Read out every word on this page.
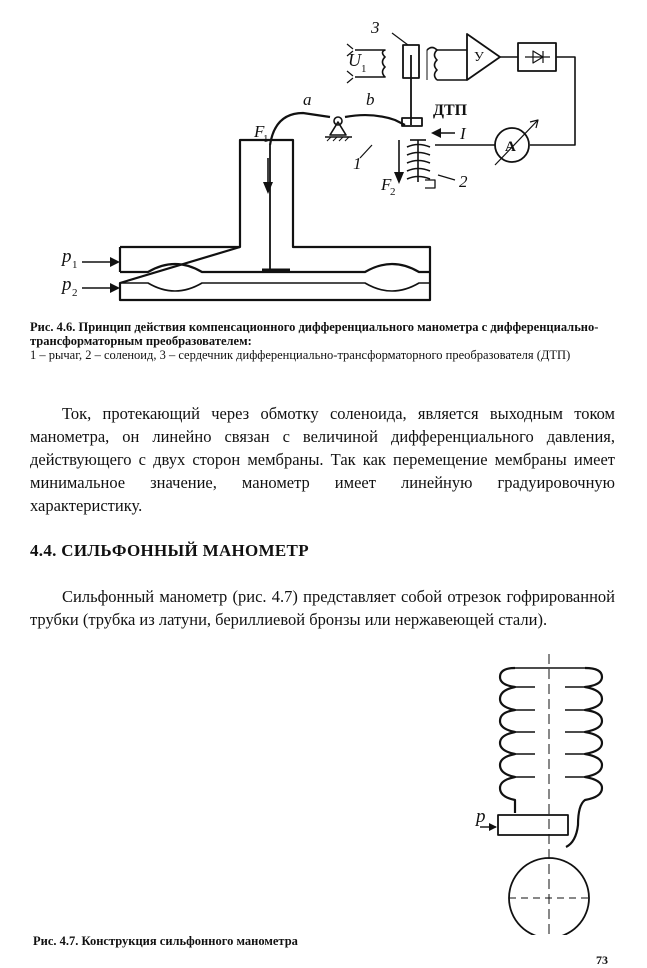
3
U 1
У
a	b
ДТП
F
1	I
A
1
F
2
2
p 1
p 2
Рис. 4.6. Принцип действия компенсационного дифференциального манометра с дифференциально-трансформаторным преобразователем:
1 – рычаг, 2 – соленоид, 3 – сердечник дифференциально-трансформаторного преобразователя (ДТП)
Ток, протекающий через обмотку соленоида, является выходным током манометра, он линейно связан с величиной дифференциального давления, действующего с двух сторон мембраны. Так как перемещение мембраны имеет минимальное значение, манометр имеет линейную градуировочную характеристику.
4.4. СИЛЬФОННЫЙ МАНОМЕТР
Сильфонный манометр (рис. 4.7) представляет собой отрезок гофрированной трубки (трубка из латуни, бериллиевой бронзы или нержавеющей стали).
p
Рис. 4.7. Конструкция сильфонного манометра
73
